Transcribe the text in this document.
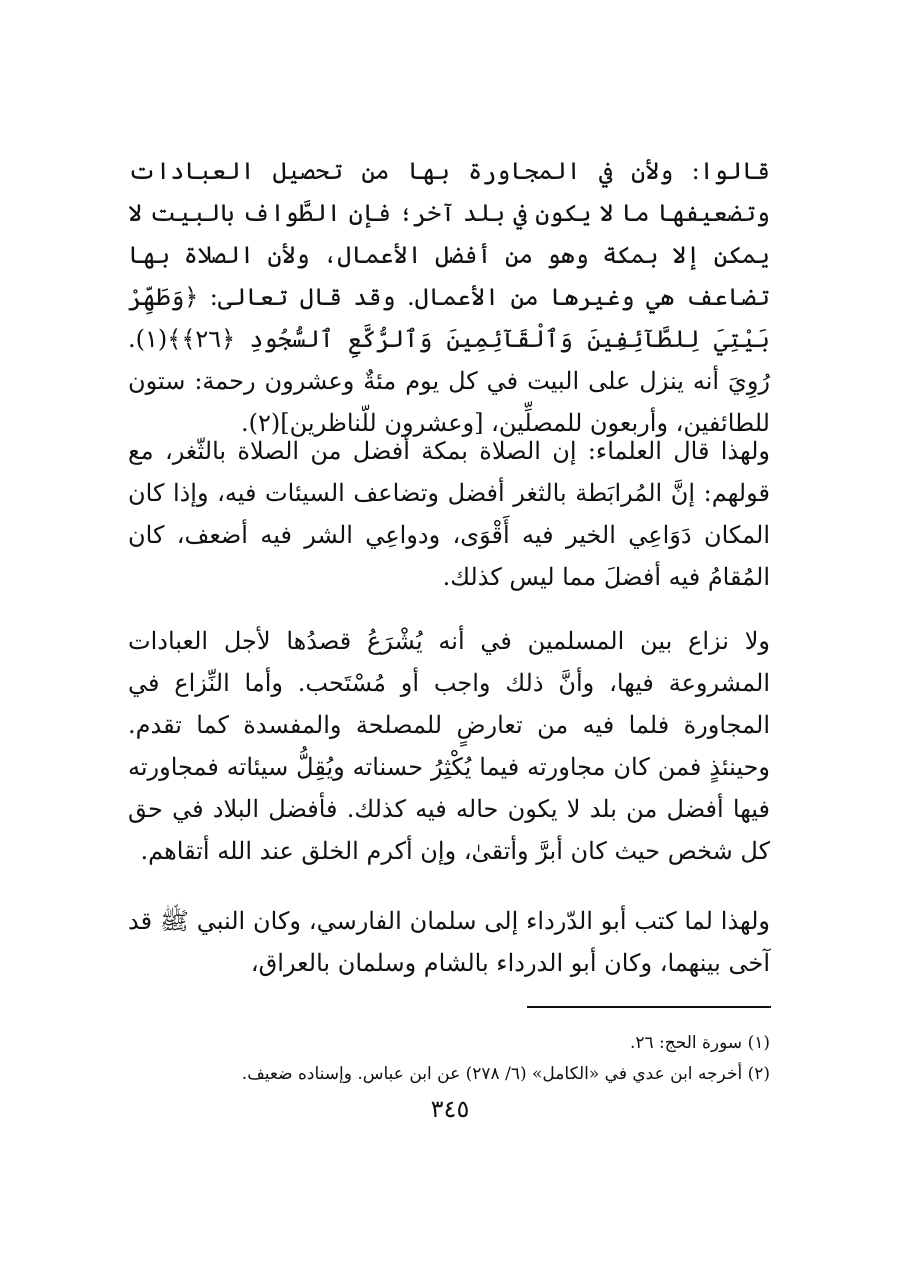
قالوا: ولأن في المجاورة بها من تحصيل العبادات وتضعيفها ما لا يكون في بلد آخر؛ فإن الطَّواف بالبيت لا يمكن إلا بمكة وهو من أفضل الأعمال، ولأن الصلاة بها تضاعف هي وغيرها من الأعمال. وقد قال تعالى: ﴿وَطَهِّرْ بَيْتِيَ لِلطَّآئِفِينَ وَٱلْقَآئِمِينَ وَٱلرُّكَّعِ ٱلسُّجُودِ ﴿٢٦﴾﴾(١). رُوِيَ أنه ينزل على البيت في كل يوم مئةٌ وعشرون رحمة: ستون للطائفين، وأربعون للمصلِّين، [وعشرون للّناظرين](٢).

ولهذا قال العلماء: إن الصلاة بمكة أفضل من الصلاة بالثّغر، مع قولهم: إنَّ المُرابَطة بالثغر أفضل وتضاعف السيئات فيه، وإذا كان المكان دَوَاعِي الخير فيه أَقْوَى، ودواعِي الشر فيه أضعف، كان المُقامُ فيه أفضلَ مما ليس كذلك.

ولا نزاع بين المسلمين في أنه يُشْرَعُ قصدُها لأجل العبادات المشروعة فيها، وأنَّ ذلك واجب أو مُسْتَحب. وأما النِّزاع في المجاورة فلما فيه من تعارضٍ للمصلحة والمفسدة كما تقدم. وحينئذٍ فمن كان مجاورته فيما يُكْثِرُ حسناته ويُقِلُّ سيئاته فمجاورته فيها أفضل من بلد لا يكون حاله فيه كذلك. فأفضل البلاد في حق كل شخص حيث كان أبرَّ وأتقىٰ، وإن أكرم الخلق عند الله أتقاهم.

ولهذا لما كتب أبو الدّرداء إلى سلمان الفارسي، وكان النبي ﷺ قد آخى بينهما، وكان أبو الدرداء بالشام وسلمان بالعراق،

(١) سورة الحج: ٢٦.

(٢) أخرجه ابن عدي في «الكامل» (٦/ ٢٧٨) عن ابن عباس. وإسناده ضعيف.

٣٤٥
